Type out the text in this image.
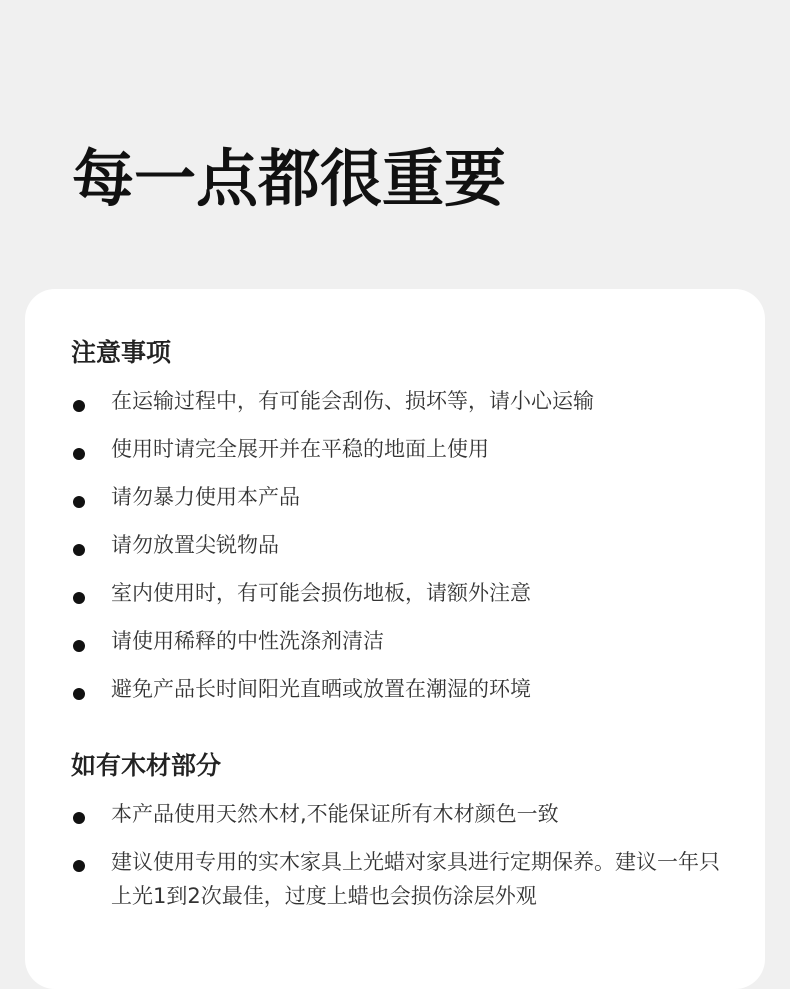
每一点都很重要
注意事项
在运输过程中，有可能会刮伤、损坏等，请小心运输
使用时请完全展开并在平稳的地面上使用
请勿暴力使用本产品
请勿放置尖锐物品
室内使用时，有可能会损伤地板，请额外注意
请使用稀释的中性洗涤剂清洁
避免产品长时间阳光直晒或放置在潮湿的环境
如有木材部分
本产品使用天然木材,不能保证所有木材颜色一致
建议使用专用的实木家具上光蜡对家具进行定期保养。建议一年只上光1到2次最佳，过度上蜡也会损伤涂层外观
